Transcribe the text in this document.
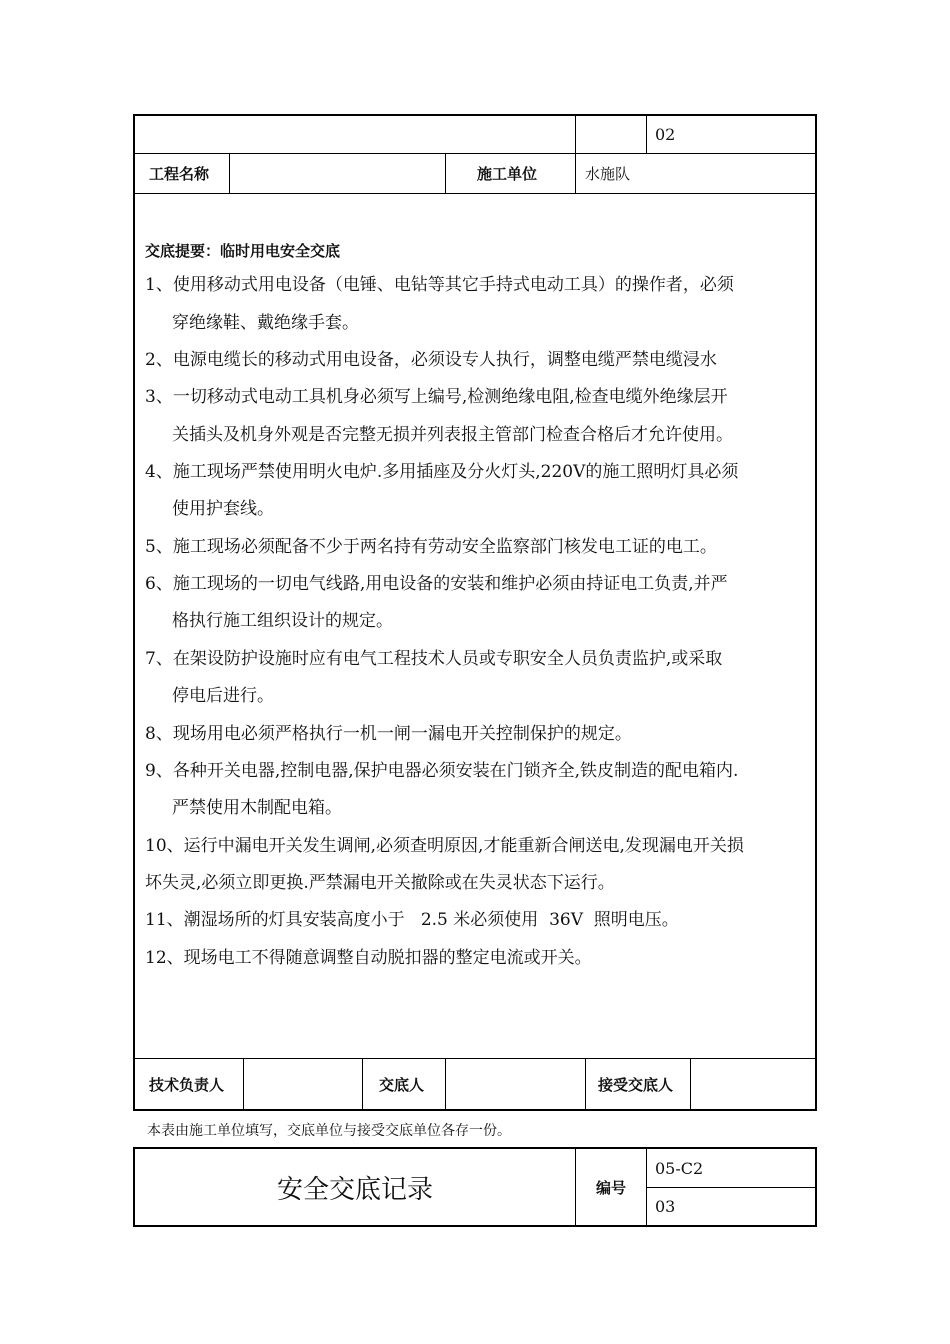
02
工程名称	施工单位	水施队
交底提要：临时用电安全交底
1、使用移动式用电设备（电锤、电钻等其它手持式电动工具）的操作者，必须
穿绝缘鞋、戴绝缘手套。
2、电源电缆长的移动式用电设备，必须设专人执行，调整电缆严禁电缆浸水
3、一切移动式电动工具机身必须写上编号,检测绝缘电阻,检查电缆外绝缘层开
关插头及机身外观是否完整无损并列表报主管部门检查合格后才允许使用。
4、施工现场严禁使用明火电炉.多用插座及分火灯头,220V的施工照明灯具必须
使用护套线。
5、施工现场必须配备不少于两名持有劳动安全监察部门核发电工证的电工。
6、施工现场的一切电气线路,用电设备的安装和维护必须由持证电工负责,并严
格执行施工组织设计的规定。
7、在架设防护设施时应有电气工程技术人员或专职安全人员负责监护,或采取
停电后进行。
8、现场用电必须严格执行一机一闸一漏电开关控制保护的规定。
9、各种开关电器,控制电器,保护电器必须安装在门锁齐全,铁皮制造的配电箱内.
严禁使用木制配电箱。
10、运行中漏电开关发生调闸,必须查明原因,才能重新合闸送电,发现漏电开关损
坏失灵,必须立即更换.严禁漏电开关撤除或在失灵状态下运行。
11、潮湿场所的灯具安装高度小于   2.5 米必须使用  36V  照明电压。
12、现场电工不得随意调整自动脱扣器的整定电流或开关。
技术负责人	交底人	接受交底人
本表由施工单位填写，交底单位与接受交底单位各存一份。
安全交底记录	编号
05-C2
03
